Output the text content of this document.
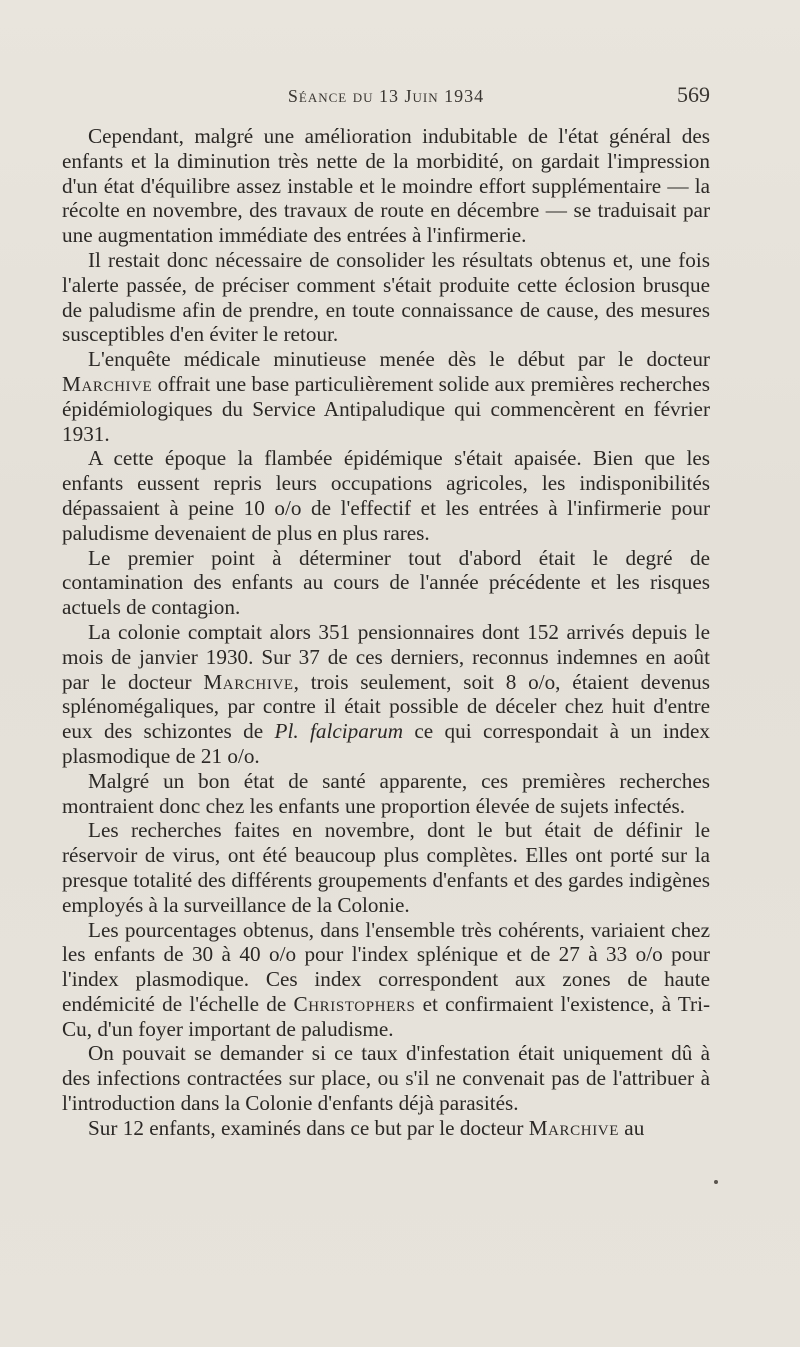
Séance du 13 Juin 1934	569

Cependant, malgré une amélioration indubitable de l'état général des enfants et la diminution très nette de la morbidité, on gardait l'impression d'un état d'équilibre assez instable et le moindre effort supplémentaire — la récolte en novembre, des travaux de route en décembre — se traduisait par une augmentation immédiate des entrées à l'infirmerie.

Il restait donc nécessaire de consolider les résultats obtenus et, une fois l'alerte passée, de préciser comment s'était produite cette éclosion brusque de paludisme afin de prendre, en toute connaissance de cause, des mesures susceptibles d'en éviter le retour.

L'enquête médicale minutieuse menée dès le début par le docteur Marchive offrait une base particulièrement solide aux premières recherches épidémiologiques du Service Antipaludique qui commencèrent en février 1931.

A cette époque la flambée épidémique s'était apaisée. Bien que les enfants eussent repris leurs occupations agricoles, les indisponibilités dépassaient à peine 10 o/o de l'effectif et les entrées à l'infirmerie pour paludisme devenaient de plus en plus rares.

Le premier point à déterminer tout d'abord était le degré de contamination des enfants au cours de l'année précédente et les risques actuels de contagion.

La colonie comptait alors 351 pensionnaires dont 152 arrivés depuis le mois de janvier 1930. Sur 37 de ces derniers, reconnus indemnes en août par le docteur Marchive, trois seulement, soit 8 o/o, étaient devenus splénomégaliques, par contre il était possible de déceler chez huit d'entre eux des schizontes de Pl. falciparum ce qui correspondait à un index plasmodique de 21 o/o.

Malgré un bon état de santé apparente, ces premières recherches montraient donc chez les enfants une proportion élevée de sujets infectés.

Les recherches faites en novembre, dont le but était de définir le réservoir de virus, ont été beaucoup plus complètes. Elles ont porté sur la presque totalité des différents groupements d'enfants et des gardes indigènes employés à la surveillance de la Colonie.

Les pourcentages obtenus, dans l'ensemble très cohérents, variaient chez les enfants de 30 à 40 o/o pour l'index splénique et de 27 à 33 o/o pour l'index plasmodique. Ces index correspondent aux zones de haute endémicité de l'échelle de Christophers et confirmaient l'existence, à Tri-Cu, d'un foyer important de paludisme.

On pouvait se demander si ce taux d'infestation était uniquement dû à des infections contractées sur place, ou s'il ne convenait pas de l'attribuer à l'introduction dans la Colonie d'enfants déjà parasités.

Sur 12 enfants, examinés dans ce but par le docteur Marchive au
